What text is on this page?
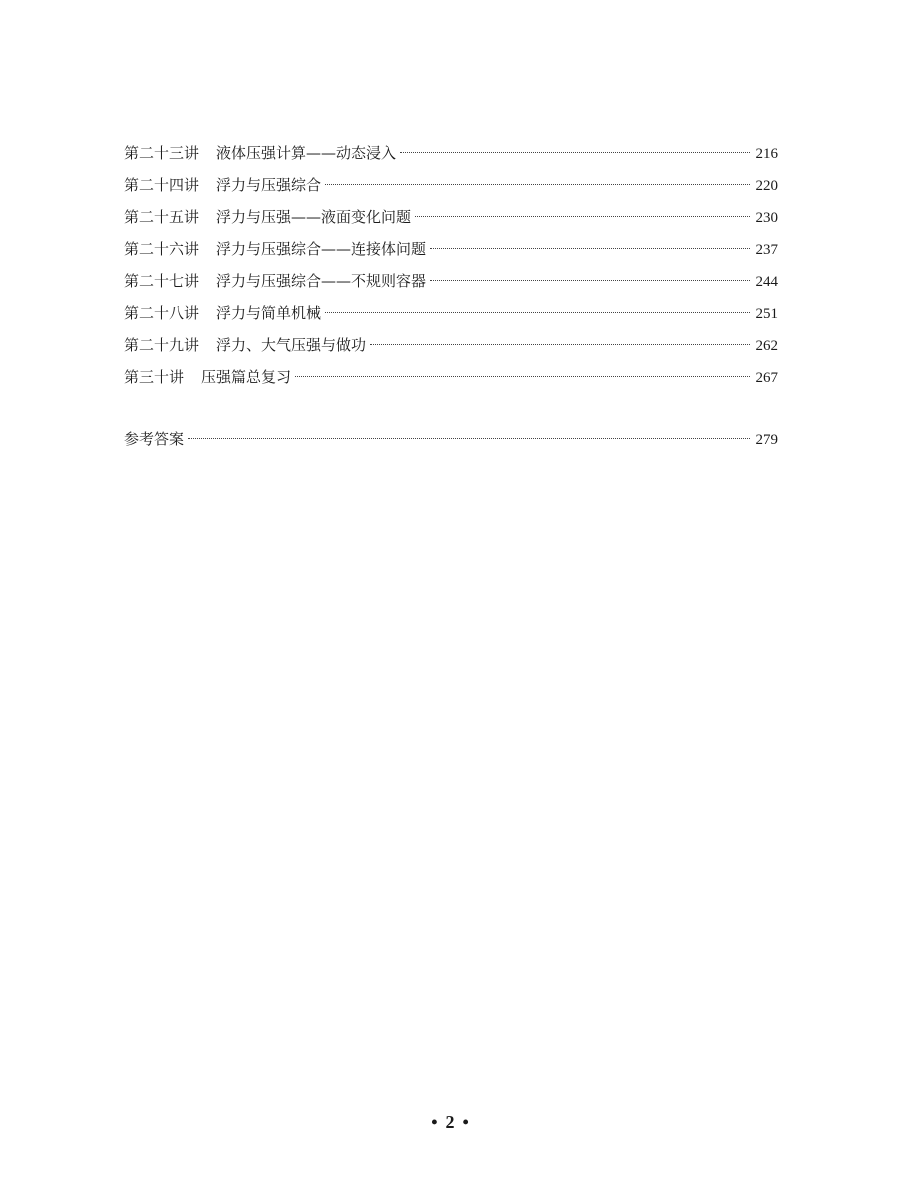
第二十三讲 液体压强计算——动态浸入	216
第二十四讲 浮力与压强综合	220
第二十五讲 浮力与压强——液面变化问题	230
第二十六讲 浮力与压强综合——连接体问题	237
第二十七讲 浮力与压强综合——不规则容器	244
第二十八讲 浮力与简单机械	251
第二十九讲 浮力、大气压强与做功	262
第三十讲 压强篇总复习	267
参考答案	279
• 2 •
